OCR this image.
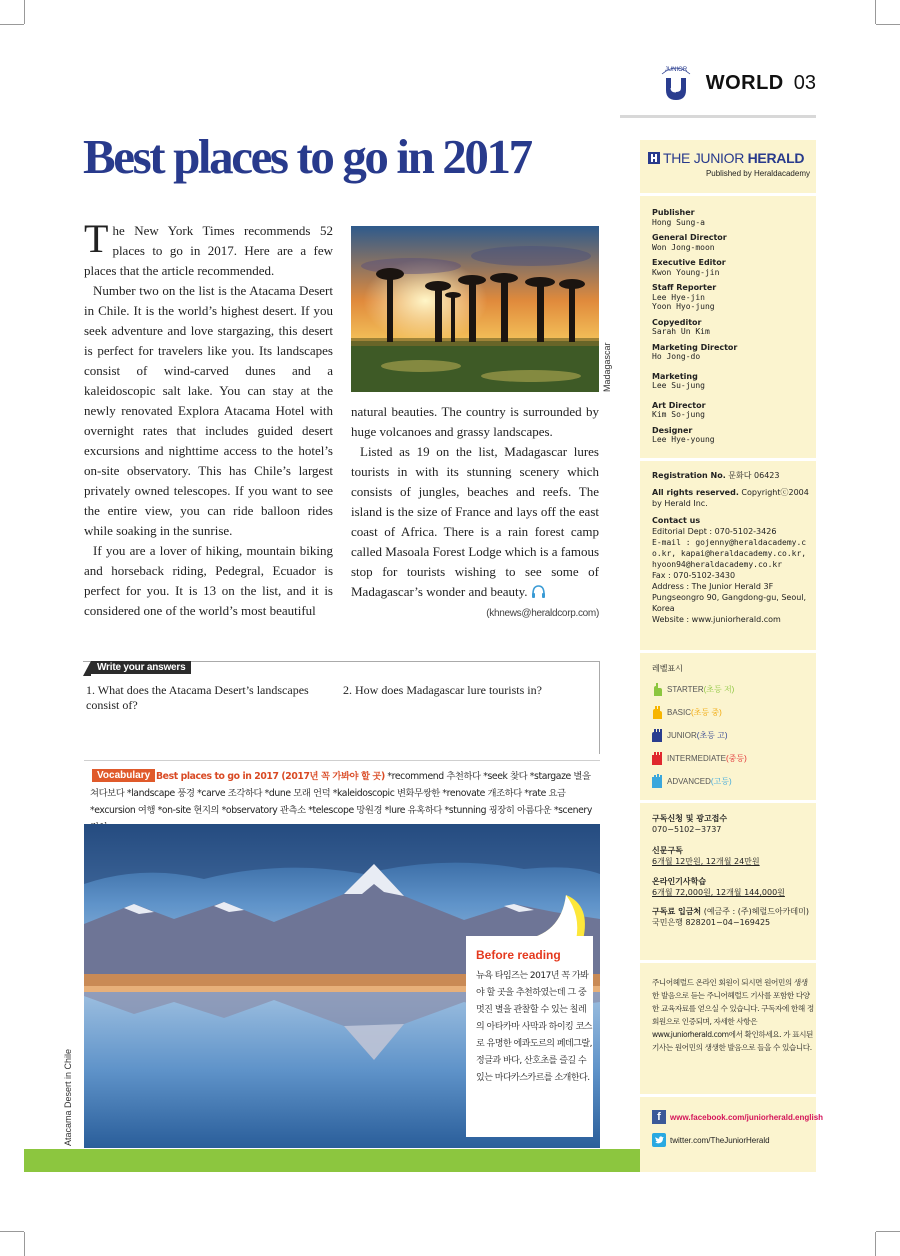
JUNIOR
WORLD 03
Best places to go in 2017

The New York Times recommends 52 places to go in 2017. Here are a few places that the article recommended.

Number two on the list is the Atacama Desert in Chile. It is the world’s highest desert. If you seek adventure and love stargazing, this desert is perfect for travelers like you. Its landscapes consist of wind-carved dunes and a kaleidoscopic salt lake. You can stay at the newly renovated Explora Atacama Hotel with overnight rates that includes guided desert excursions and nighttime access to the hotel’s on-site observatory. This has Chile’s largest privately owned telescopes. If you want to see the entire view, you can ride balloon rides while soaking in the sunrise.

If you are a lover of hiking, mountain biking and horseback riding, Pedegral, Ecuador is perfect for you. It is 13 on the list, and it is considered one of the world’s most beautiful

Madagascar

natural beauties. The country is surrounded by huge volcanoes and grassy landscapes.

Listed as 19 on the list, Madagascar lures tourists in with its stunning scenery which consists of jungles, beaches and reefs. The island is the size of France and lays off the east coast of Africa. There is a rain forest camp called Masoala Forest Lodge which is a famous stop for tourists wishing to see some of Madagascar’s wonder and beauty.

(khnews@heraldcorp.com)
Write your answers
1. What does the Atacama Desert’s landscapes consist of?
2. How does Madagascar lure tourists in?
Best places to go in 2017 (2017년 꼭 가봐야 할 곳) *recommend 추천하다 *seek 찾다 *stargaze 별을 쳐다보다 *landscape 풍경 *carve 조각하다 *dune 모래 언덕 *kaleidoscopic 변화무쌍한 *renovate 개조하다 *rate 요금 *excursion 여행 *on-site 현지의 *observatory 관측소 *telescope 망원경 *lure 유혹하다 *stunning 굉장히 아름다운 *scenery
Vocabulary
Atacama Desert in Chile
Before reading
뉴욕 타임즈는 2017년 꼭 가봐야 할 곳을 추천하였는데 그 중 멋진 별을 관찰할 수 있는 칠레의 아타카마 사막과 하이킹 코스로 유명한 에콰도르의 페데그랄, 정글과 바다, 산호초를 즐길 수 있는 마다카스카르를 소개한다.
THE JUNIOR HERALD
Published by Heraldacademy
Publisher
Hong Sung-a
General Director
Won Jong-moon
Executive Editor
Kwon Young-jin
Staff Reporter
Lee Hye-jin
Yoon Hyo-jung
Copyeditor
Sarah Un Kim
Marketing Director
Ho Jong-do
Marketing
Lee Su-jung
Art Director
Kim So-jung
Designer
Lee Hye-young
Registration No. 문화다 06423
All rights reserved. Copyrightⓒ2004 by Herald Inc.
Contact us
Editorial Dept : 070-5102-3426
E-mail : gojenny@heraldacademy.co.kr, kapai@heraldacademy.co.kr, hyoon94@heraldacademy.co.kr
Fax : 070-5102-3430
Address : The Junior Herald 3F Pungseongro 90, Gangdong-gu, Seoul, Korea
Website : www.juniorherald.com
레벨표시
STARTER(초등 저)
BASIC(초등 중)
JUNIOR(초등 고)
INTERMEDIATE(중등)
ADVANCED(고등)
구독신청 및 광고접수
070−5102−3737
신문구독
6개월 12만원, 12개월 24만원
온라인기사학습
6개월 72,000원, 12개월 144,000원
구독료 입금처 (예금주 : (주)헤럴드아카데미)
국민은행 828201−04−169425
주니어헤럴드 온라인 회원이 되시면 원어민의 생생한 발음으로 듣는 주니어헤럴드 기사를 포함한 다양한 교육자료를 얻으실 수 있습니다. 구독자에 한해 정회원으로 인증되며, 자세한 사항은 www.juniorherald.com에서 확인하세요. 가 표시된 기사는 원어민의 생생한 발음으로 들을 수 있습니다.
f	www.facebook.com/juniorherald.english
twitter.com/TheJuniorHerald
